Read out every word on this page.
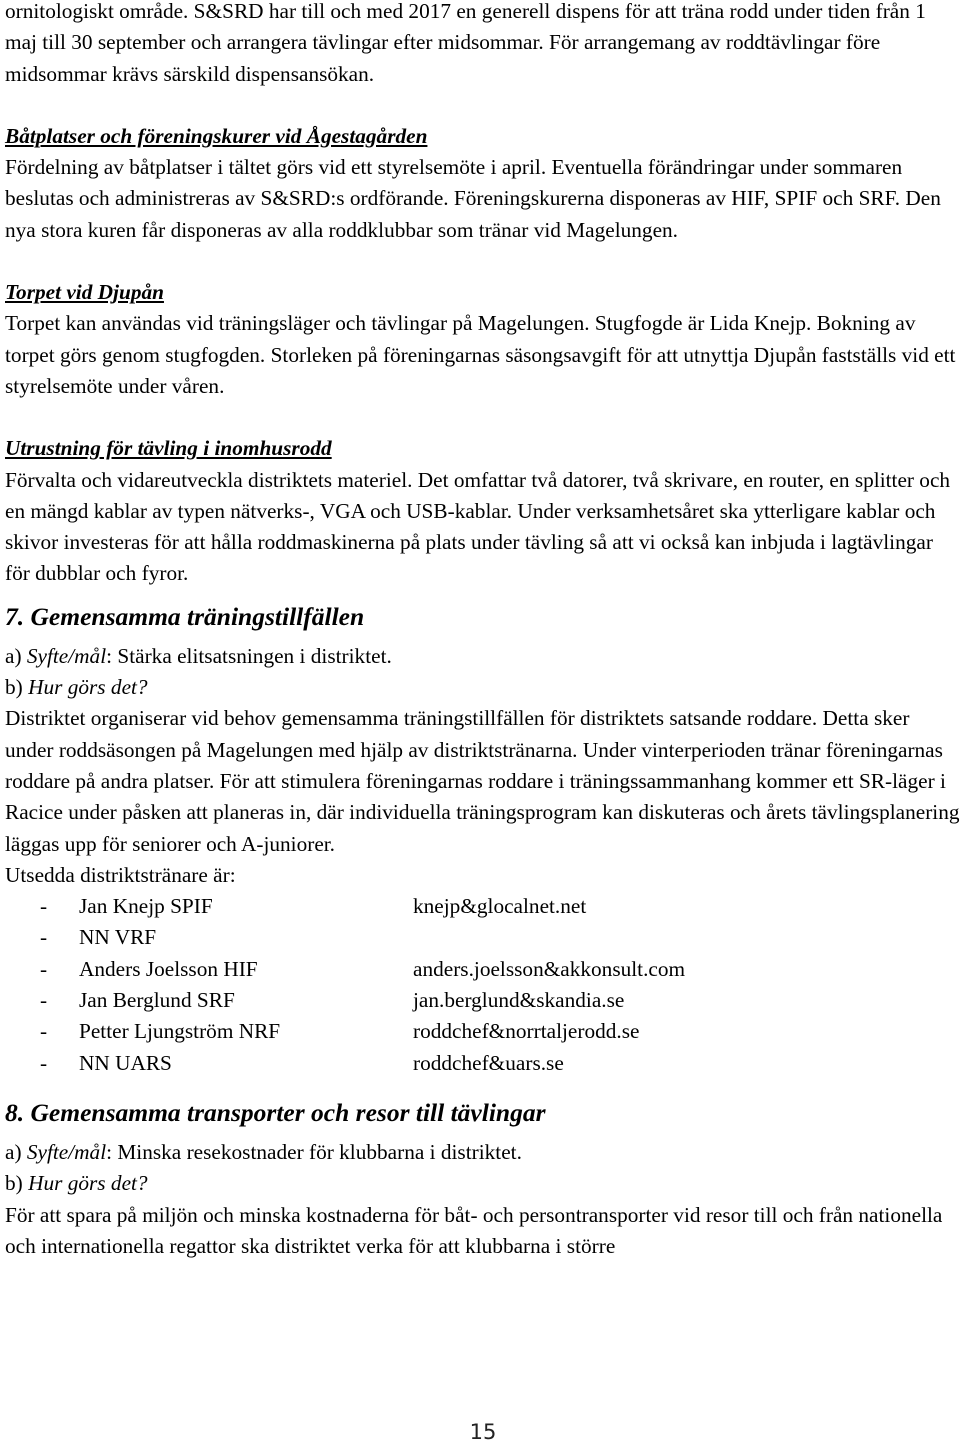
ornitologiskt område. S&SRD har till och med 2017 en generell dispens för att träna rodd under tiden från 1 maj till 30 september och arrangera tävlingar efter midsommar. För arrangemang av roddtävlingar före midsommar krävs särskild dispensansökan.

Båtplatser och föreningskurer vid Ågestagården

Fördelning av båtplatser i tältet görs vid ett styrelsemöte i april. Eventuella förändringar under sommaren beslutas och administreras av S&SRD:s ordförande. Föreningskurerna disponeras av HIF, SPIF och SRF. Den nya stora kuren får disponeras av alla roddklubbar som tränar vid Magelungen.

Torpet vid Djupån

Torpet kan användas vid träningsläger och tävlingar på Magelungen. Stugfogde är Lida Knejp. Bokning av torpet görs genom stugfogden. Storleken på föreningarnas säsongsavgift för att utnyttja Djupån fastställs vid ett styrelsemöte under våren.

Utrustning för tävling i inomhusrodd

Förvalta och vidareutveckla distriktets materiel. Det omfattar två datorer, två skrivare, en router, en splitter och en mängd kablar av typen nätverks-, VGA och USB-kablar. Under verksamhetsåret ska ytterligare kablar och skivor investeras för att hålla roddmaskinerna på plats under tävling så att vi också kan inbjuda i lagtävlingar för dubblar och fyror.

7. Gemensamma träningstillfällen

a) Syfte/mål: Stärka elitsatsningen i distriktet.

b) Hur görs det?

Distriktet organiserar vid behov gemensamma träningstillfällen för distriktets satsande roddare. Detta sker under roddsäsongen på Magelungen med hjälp av distriktstränarna. Under vinterperioden tränar föreningarnas roddare på andra platser. För att stimulera föreningarnas roddare i träningssammanhang kommer ett SR-läger i Racice under påsken att planeras in, där individuella träningsprogram kan diskuteras och årets tävlingsplanering läggas upp för seniorer och A-juniorer.

Utsedda distriktstränare är:

- Jan Knejp SPIF	knejp&glocalnet.net
- NN VRF
- Anders Joelsson HIF	anders.joelsson&akkonsult.com
- Jan Berglund SRF	jan.berglund&skandia.se
- Petter Ljungström NRF	roddchef&norrtaljerodd.se
- NN UARS	roddchef&uars.se

8. Gemensamma transporter och resor till tävlingar

a) Syfte/mål: Minska resekostnader för klubbarna i distriktet.

b) Hur görs det?

För att spara på miljön och minska kostnaderna för båt- och persontransporter vid resor till och från nationella och internationella regattor ska distriktet verka för att klubbarna i större

15
